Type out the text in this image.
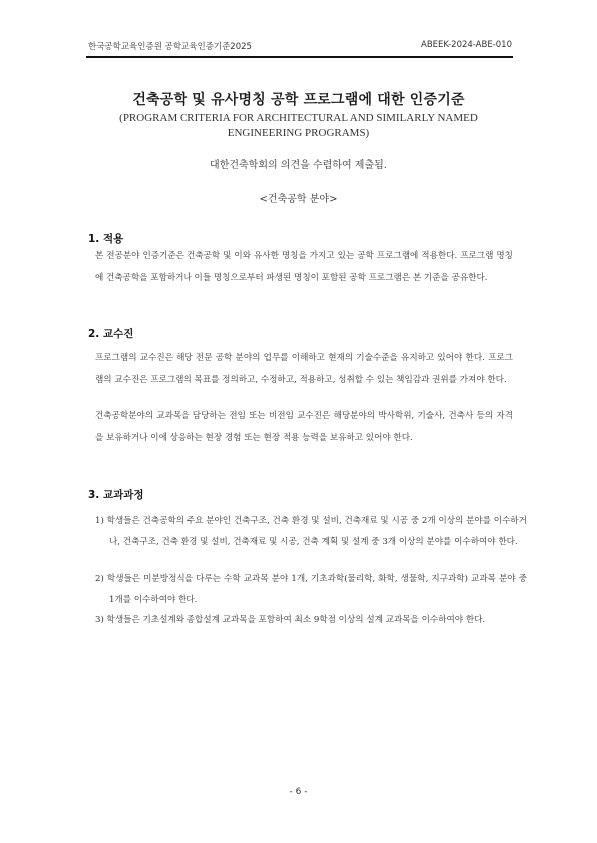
한국공학교육인증원 공학교육인증기준2025	ABEEK-2024-ABE-010
건축공학 및 유사명칭 공학 프로그램에 대한 인증기준
(PROGRAM CRITERIA FOR ARCHITECTURAL AND SIMILARLY NAMED ENGINEERING PROGRAMS)
대한건축학회의 의견을 수렴하여 제출됨.
<건축공학 분야>
1. 적용
본 전공분야 인증기준은 건축공학 및 이와 유사한 명칭을 가지고 있는 공학 프로그램에 적용한다. 프로그램 명칭에 건축공학을 포함하거나 이들 명칭으로부터 파생된 명칭이 포함된 공학 프로그램은 본 기준을 공유한다.
2. 교수진
프로그램의 교수진은 해당 전문 공학 분야의 업무를 이해하고 현재의 기술수준을 유지하고 있어야 한다. 프로그램의 교수진은 프로그램의 목표를 정의하고, 수정하고, 적용하고, 성취할 수 있는 책임감과 권위를 가져야 한다.
건축공학분야의 교과목을 담당하는 전임 또는 비전임 교수진은 해당분야의 박사학위, 기술사, 건축사 등의 자격을 보유하거나 이에 상응하는 현장 경험 또는 현장 적용 능력을 보유하고 있어야 한다.
3. 교과과정
1) 학생들은 건축공학의 주요 분야인 건축구조, 건축 환경 및 설비, 건축재료 및 시공 중 2개 이상의 분야를 이수하거나, 건축구조, 건축 환경 및 설비, 건축재료 및 시공, 건축 계획 및 설계 중 3개 이상의 분야를 이수하여야 한다.
2) 학생들은 미분방정식을 다루는 수학 교과목 분야 1개, 기초과학(물리학, 화학, 생물학, 지구과학) 교과목 분야 중 1개를 이수하여야 한다.
3) 학생들은 기초설계와 종합설계 교과목을 포함하여 최소 9학점 이상의 설계 교과목을 이수하여야 한다.
- 6 -
